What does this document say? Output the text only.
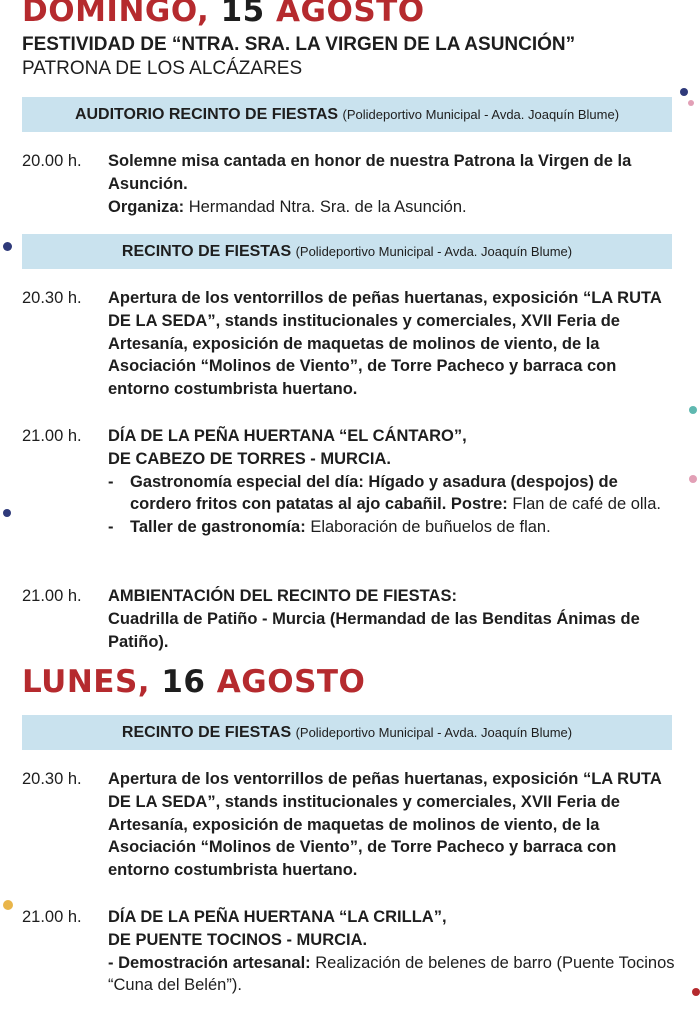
DOMINGO, 15 AGOSTO
FESTIVIDAD DE “NTRA. SRA. LA VIRGEN DE LA ASUNCIÓN”
PATRONA DE LOS ALCÁZARES
AUDITORIO RECINTO DE FIESTAS (Polideportivo Municipal - Avda. Joaquín Blume)
20.00 h.	Solemne misa cantada en honor de nuestra Patrona la Virgen de la Asunción.
Organiza: Hermandad Ntra. Sra. de la Asunción.
RECINTO DE FIESTAS (Polideportivo Municipal - Avda. Joaquín Blume)
20.30 h.	Apertura de los ventorrillos de peñas huertanas, exposición “LA RUTA DE LA SEDA”, stands institucionales y comerciales, XVII Feria de Artesanía, exposición de maquetas de molinos de viento, de la Asociación “Molinos de Viento”, de Torre Pacheco y barraca con entorno costumbrista huertano.
21.00 h.	DÍA DE LA PEÑA HUERTANA “EL CÁNTARO”,
DE CABEZO DE TORRES - MURCIA.
- Gastronomía especial del día: Hígado y asadura (despojos) de cordero fritos con patatas al ajo cabañil. Postre: Flan de café de olla.
- Taller de gastronomía: Elaboración de buñuelos de flan.
21.00 h.	AMBIENTACIÓN DEL RECINTO DE FIESTAS:
Cuadrilla de Patiño - Murcia (Hermandad de las Benditas Ánimas de Patiño).
LUNES, 16 AGOSTO
RECINTO DE FIESTAS (Polideportivo Municipal - Avda. Joaquín Blume)
20.30 h.	Apertura de los ventorrillos de peñas huertanas, exposición “LA RUTA DE LA SEDA”, stands institucionales y comerciales, XVII Feria de Artesanía, exposición de maquetas de molinos de viento, de la Asociación “Molinos de Viento”, de Torre Pacheco y barraca con entorno costumbrista huertano.
21.00 h.	DÍA DE LA PEÑA HUERTANA “LA CRILLA”,
DE PUENTE TOCINOS - MURCIA.
- Demostración artesanal: Realización de belenes de barro (Puente Tocinos “Cuna del Belén”).
